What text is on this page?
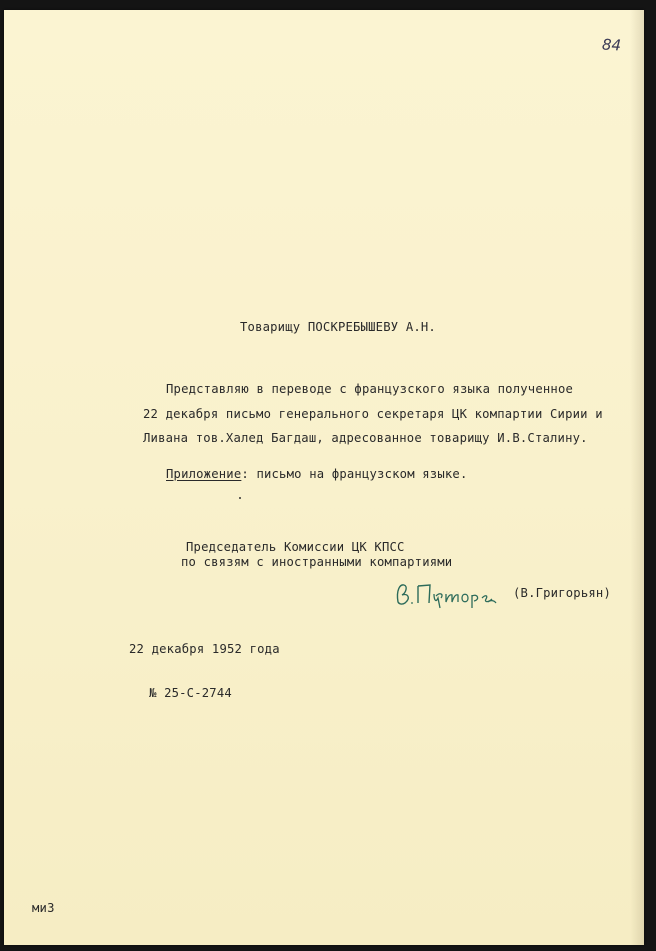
84
Товарищу ПОСКРЕБЫШЕВУ А.Н.
Представляю в переводе с французского языка полученное
22 декабря письмо генерального секретаря ЦК компартии Сирии и
Ливана тов.Халед Багдаш, адресованное товарищу И.В.Сталину.
Приложение: письмо на французском языке.
Председатель Комиссии ЦК КПСС
по связям с иностранными компартиями
(В.Григорьян)
22 декабря 1952 года
№ 25-С-2744
ми3
